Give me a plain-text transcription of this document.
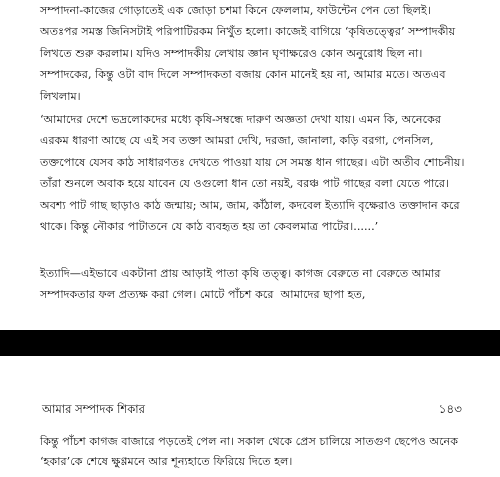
সম্পাদনা-কাজের গোড়াতেই এক জোড়া চশমা কিনে ফেললাম, ফাউন্টেন পেন তো ছিলই। অতঃপর সমস্ত জিনিসটাই পরিপাটিরকম নিখুঁত হলো। কাজেই বাগিয়ে ‘কৃষিতত্ত্বের’ সম্পাদকীয় লিখতে শুরু করলাম। যদিও সম্পাদকীয় লেখায় জ্ঞান ঘৃণাক্ষরেও কোন অনুরোধ ছিল না। সম্পাদকের, কিন্তু ওটা বাদ দিলে সম্পাদকতা বজায় কোন মানেই হয় না, আমার মতে। অতএব লিখলাম।

‘আমাদের দেশে ভদ্রলোকদের মধ্যে কৃষি-সম্বন্ধে দারুণ অজ্ঞতা দেখা যায়। এমন কি, অনেকের এরকম ধারণা আছে যে এই সব তক্তা আমরা দেখি, দরজা, জানালা, কড়ি বরগা, পেনসিল, তক্তপোষে যেসব কাঠ সাধারণতঃ দেখতে পাওয়া যায় সে সমস্ত ধান গাছের। এটা অতীব শোচনীয়। তাঁরা শুনলে অবাক হয়ে যাবেন যে ওগুলো ধান তো নয়ই, বরঞ্চ পাট গাছের বলা যেতে পারে। অবশ্য পাট গাছ ছাড়াও কাঠ জন্মায়; আম, জাম, কাঁঠাল, কদবেল ইত্যাদি বৃক্ষেরাও তক্তাদান করে থাকে। কিন্তু নৌকার পাটাতনে যে কাঠ ব্যবহৃত হয় তা কেবলমাত্র পাটের।......’

ইত্যাদি—এইভাবে একটানা প্রায় আড়াই পাতা কৃষি তত্ত্ব। কাগজ বেরুতে না বেরুতে আমার সম্পাদকতার ফল প্রত্যক্ষ করা গেল। মোটে পাঁচশ করে  আমাদের ছাপা হত,

আমার সম্পাদক শিকার	১৪৩

কিন্তু পাঁচশ কাগজ বাজারে পড়তেই পেল না। সকাল থেকে প্রেস চালিয়ে সাতগুণ ছেপেও অনেক ‘হকার’কে শেষে ক্ষুণ্ণমনে আর শূন্যহাতে ফিরিয়ে দিতে হল।
